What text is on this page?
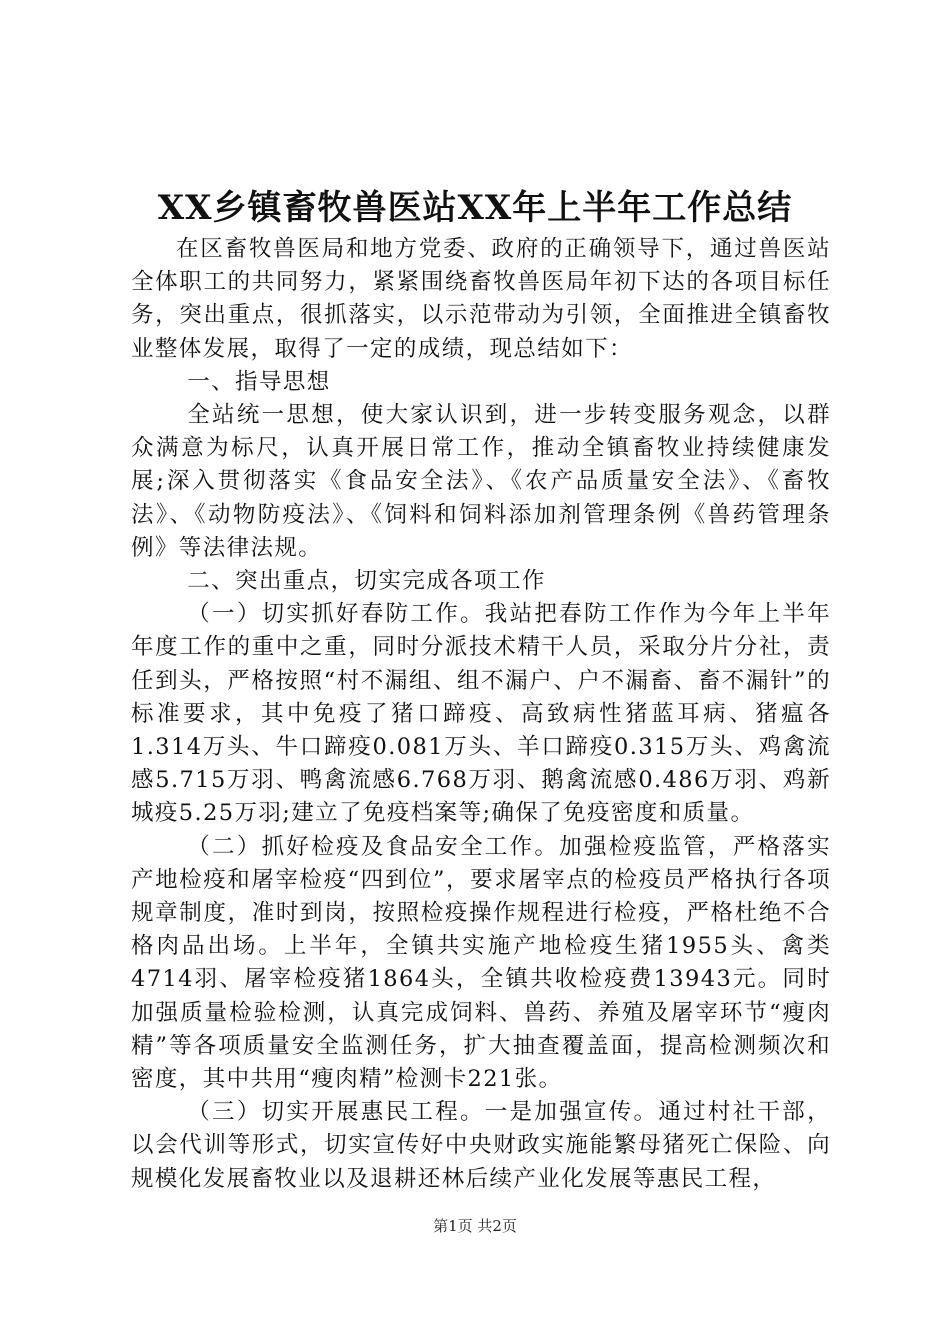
XX乡镇畜牧兽医站XX年上半年工作总结

在区畜牧兽医局和地方党委、政府的正确领导下，通过兽医站全体职工的共同努力，紧紧围绕畜牧兽医局年初下达的各项目标任务，突出重点，很抓落实，以示范带动为引领，全面推进全镇畜牧业整体发展，取得了一定的成绩，现总结如下：

一、指导思想

全站统一思想，使大家认识到，进一步转变服务观念，以群众满意为标尺，认真开展日常工作，推动全镇畜牧业持续健康发展;深入贯彻落实《食品安全法》、《农产品质量安全法》、《畜牧法》、《动物防疫法》、《饲料和饲料添加剂管理条例《兽药管理条例》等法律法规。

二、突出重点，切实完成各项工作

（一）切实抓好春防工作。我站把春防工作作为今年上半年年度工作的重中之重，同时分派技术精干人员，采取分片分社，责任到头，严格按照“村不漏组、组不漏户、户不漏畜、畜不漏针”的标准要求，其中免疫了猪口蹄疫、高致病性猪蓝耳病、猪瘟各1.314万头、牛口蹄疫0.081万头、羊口蹄疫0.315万头、鸡禽流感5.715万羽、鸭禽流感6.768万羽、鹅禽流感0.486万羽、鸡新城疫5.25万羽;建立了免疫档案等;确保了免疫密度和质量。

（二）抓好检疫及食品安全工作。加强检疫监管，严格落实产地检疫和屠宰检疫“四到位”，要求屠宰点的检疫员严格执行各项规章制度，准时到岗，按照检疫操作规程进行检疫，严格杜绝不合格肉品出场。上半年，全镇共实施产地检疫生猪1955头、禽类4714羽、屠宰检疫猪1864头，全镇共收检疫费13943元。同时加强质量检验检测，认真完成饲料、兽药、养殖及屠宰环节“瘦肉精”等各项质量安全监测任务，扩大抽查覆盖面，提高检测频次和密度，其中共用“瘦肉精”检测卡221张。

（三）切实开展惠民工程。一是加强宣传。通过村社干部，以会代训等形式，切实宣传好中央财政实施能繁母猪死亡保险、向规模化发展畜牧业以及退耕还林后续产业化发展等惠民工程，

第1页 共2页
